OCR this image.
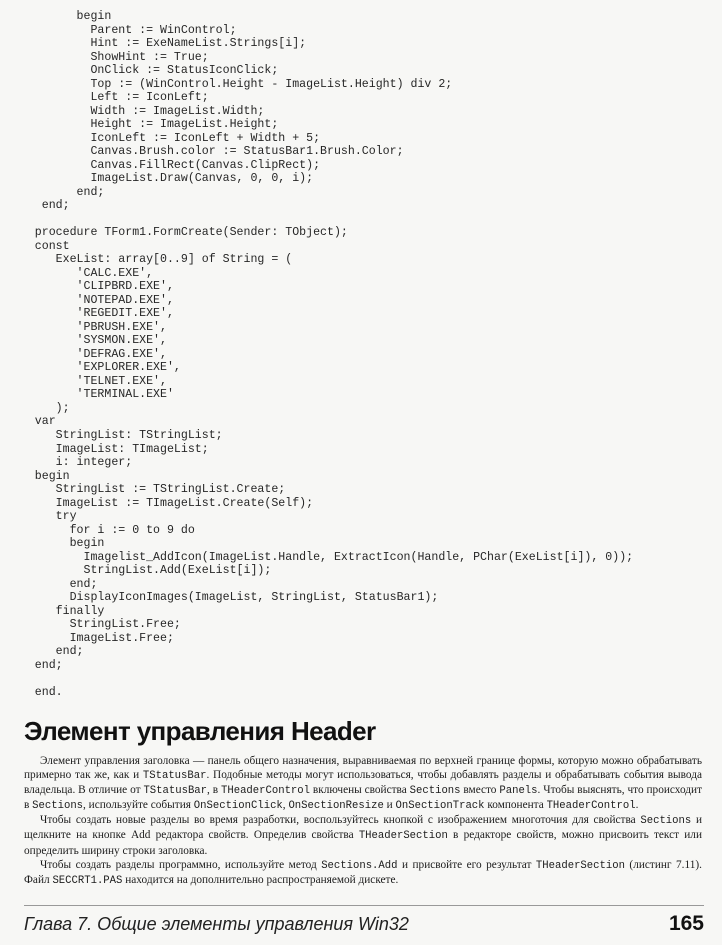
begin
Parent := WinControl;
Hint := ExeNameList.Strings[i];
ShowHint := True;
OnClick := StatusIconClick;
Top := (WinControl.Height - ImageList.Height) div 2;
Left := IconLeft;
Width := ImageList.Width;
Height := ImageList.Height;
IconLeft := IconLeft + Width + 5;
Canvas.Brush.color := StatusBar1.Brush.Color;
Canvas.FillRect(Canvas.ClipRect);
ImageList.Draw(Canvas, 0, 0, i);
end;
end;
procedure TForm1.FormCreate(Sender: TObject);
const
ExeList: array[0..9] of String = (
'CALC.EXE',
'CLIPBRD.EXE',
'NOTEPAD.EXE',
'REGEDIT.EXE',
'PBRUSH.EXE',
'SYSMON.EXE',
'DEFRAG.EXE',
'EXPLORER.EXE',
'TELNET.EXE',
'TERMINAL.EXE'
);
var
StringList: TStringList;
ImageList: TImageList;
i: integer;
begin
StringList := TStringList.Create;
ImageList := TImageList.Create(Self);
try
for i := 0 to 9 do
begin
Imagelist_AddIcon(ImageList.Handle, ExtractIcon(Handle, PChar(ExeList[i]), 0));
StringList.Add(ExeList[i]);
end;
DisplayIconImages(ImageList, StringList, StatusBar1);
finally
StringList.Free;
ImageList.Free;
end;
end;
end.
Элемент управления Header

Элемент управления заголовка — панель общего назначения, выравниваемая по верхней границе формы, которую можно обрабатывать примерно так же, как и TStatusBar. Подобные методы могут использоваться, чтобы добавлять разделы и обрабатывать события вывода владельца. В отличие от TStatusBar, в THeaderControl включены свойства Sections вместо Panels. Чтобы выяснять, что происходит в Sections, используйте события OnSectionClick, OnSectionResize и OnSectionTrack компонента THeaderControl.

Чтобы создать новые разделы во время разработки, воспользуйтесь кнопкой с изображением многоточия для свойства Sections и щелкните на кнопке Add редактора свойств. Определив свойства THeaderSection в редакторе свойств, можно присвоить текст или определить ширину строки заголовка.

Чтобы создать разделы программно, используйте метод Sections.Add и присвойте его результат THeaderSection (листинг 7.11). Файл SECCRT1.PAS находится на дополнительно распространяемой дискете.

Глава 7. Общие элементы управления Win32	165
